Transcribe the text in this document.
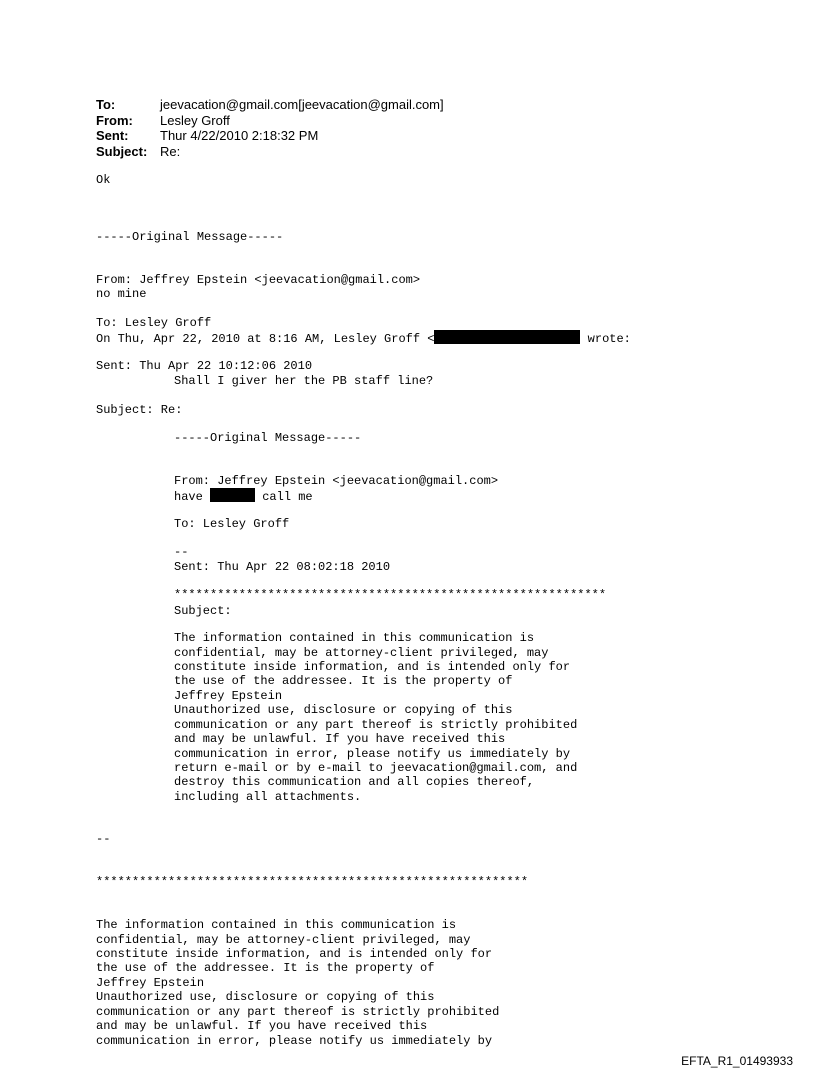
To:	jeevacation@gmail.com[jeevacation@gmail.com]
From:	Lesley Groff
Sent:	Thur 4/22/2010 2:18:32 PM
Subject: Re:
Ok

-----Original Message-----

From: Jeffrey Epstein <jeevacation@gmail.com>

To: Lesley Groff

Sent: Thu Apr 22 10:12:06 2010

Subject: Re:

no mine
On Thu, Apr 22, 2010 at 8:16 AM, Lesley Groff <	wrote:
Shall I giver her the PB staff line?

-----Original Message-----

From: Jeffrey Epstein <jeevacation@gmail.com>

To: Lesley Groff

Sent: Thu Apr 22 08:02:18 2010

Subject:

have	call me

--

************************************************************

The information contained in this communication is
confidential, may be attorney-client privileged, may
constitute inside information, and is intended only for
the use of the addressee. It is the property of
Jeffrey Epstein
Unauthorized use, disclosure or copying of this
communication or any part thereof is strictly prohibited
and may be unlawful. If you have received this
communication in error, please notify us immediately by
return e-mail or by e-mail to jeevacation@gmail.com, and
destroy this communication and all copies thereof,
including all attachments.

--

************************************************************

The information contained in this communication is
confidential, may be attorney-client privileged, may
constitute inside information, and is intended only for
the use of the addressee. It is the property of
Jeffrey Epstein
Unauthorized use, disclosure or copying of this
communication or any part thereof is strictly prohibited
and may be unlawful. If you have received this
communication in error, please notify us immediately by

EFTA_R1_01493933
